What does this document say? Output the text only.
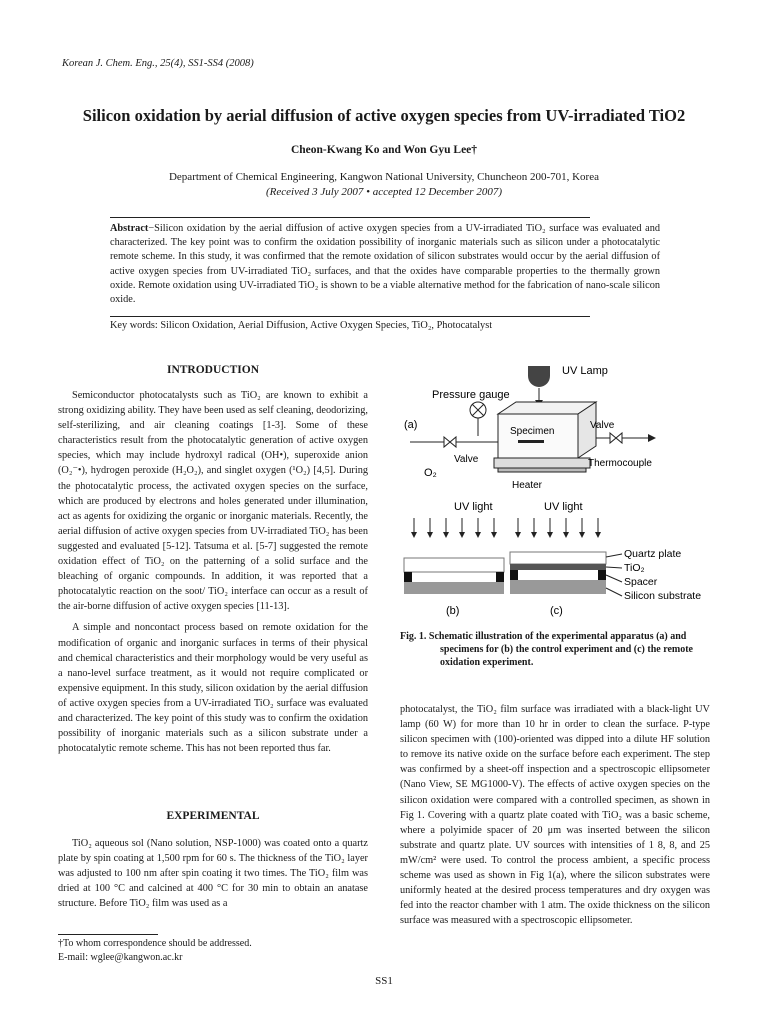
Korean J. Chem. Eng., 25(4), SS1-SS4 (2008)
Silicon oxidation by aerial diffusion of active oxygen species from UV-irradiated TiO2
Cheon-Kwang Ko and Won Gyu Lee†
Department of Chemical Engineering, Kangwon National University, Chuncheon 200-701, Korea
(Received 3 July 2007 • accepted 12 December 2007)
Abstract−Silicon oxidation by the aerial diffusion of active oxygen species from a UV-irradiated TiO₂ surface was evaluated and characterized. The key point was to confirm the oxidation possibility of inorganic materials such as silicon under a photocatalytic remote scheme. In this study, it was confirmed that the remote oxidation of silicon substrates would occur by the aerial diffusion of active oxygen species from UV-irradiated TiO₂ surfaces, and that the oxides have comparable properties to the thermally grown oxide. Remote oxidation using UV-irradiated TiO₂ is shown to be a viable alternative method for the fabrication of nano-scale silicon oxide.
Key words: Silicon Oxidation, Aerial Diffusion, Active Oxygen Species, TiO₂, Photocatalyst
INTRODUCTION

Semiconductor photocatalysts such as TiO₂ are known to exhibit a strong oxidizing ability. They have been used as self cleaning, deodorizing, self-sterilizing, and air cleaning coatings [1-3]. Some of these characteristics result from the photocatalytic generation of active oxygen species, which may include hydroxyl radical (OH•), superoxide anion (O₂⁻•), hydrogen peroxide (H₂O₂), and singlet oxygen (¹O₂) [4,5]. During the photocatalytic process, the activated oxygen species on the surface, which are produced by electrons and holes generated under illumination, act as agents for oxidizing the organic or inorganic materials. Recently, the aerial diffusion of active oxygen species from UV-irradiated TiO₂ has been suggested and evaluated [5-12]. Tatsuma et al. [5-7] suggested the remote oxidation effect of TiO₂ on the patterning of a solid surface and the bleaching of organic compounds. In addition, it was reported that a photocatalytic reaction on the soot/ TiO₂ interface can occur as a result of the air-borne diffusion of active oxygen species [11-13].

A simple and noncontact process based on remote oxidation for the modification of organic and inorganic surfaces in terms of their physical and chemical characteristics and their morphology would be very useful as a nano-level surface treatment, as it would not require complicated or expensive equipment. In this study, silicon oxidation by the aerial diffusion of active oxygen species from a UV-irradiated TiO₂ surface was evaluated and characterized. The key point of this study was to confirm the oxidation possibility of inorganic materials such as a silicon substrate under a photocatalytic remote scheme. This has not been reported thus far.

EXPERIMENTAL

TiO₂ aqueous sol (Nano solution, NSP-1000) was coated onto a quartz plate by spin coating at 1,500 rpm for 60 s. The thickness of the TiO₂ layer was adjusted to 100 nm after spin coating it two times. The TiO₂ film was dried at 100 °C and calcined at 400 °C for 30 min to obtain an anatase structure. Before TiO₂ film was used as a

UV Lamp
Pressure gauge
(a)
Specimen
Valve
O₂
Valve
Thermocouple
Heater
UV light
(b)
UV light
(c)
Quartz plate
TiO₂
Spacer
Silicon substrate
Fig. 1. Schematic illustration of the experimental apparatus (a) and
specimens for (b) the control experiment and (c) the remote oxidation experiment.

photocatalyst, the TiO₂ film surface was irradiated with a black-light UV lamp (60 W) for more than 10 hr in order to clean the surface. P-type silicon specimen with (100)-oriented was dipped into a dilute HF solution to remove its native oxide on the surface before each experiment. The step was confirmed by a sheet-off inspection and a spectroscopic ellipsometer (Nano View, SE MG1000-V). The effects of active oxygen species on the silicon oxidation were compared with a controlled specimen, as shown in Fig 1. Covering with a quartz plate coated with TiO₂ was a basic scheme, where a polyimide spacer of 20 μm was inserted between the silicon substrate and quartz plate. UV sources with intensities of 1 8, 8, and 25 mW/cm² were used. To control the process ambient, a specific process scheme was used as shown in Fig 1(a), where the silicon substrates were uniformly heated at the desired process temperatures and dry oxygen was fed into the reactor chamber with 1 atm. The oxide thickness on the silicon surface was measured with a spectroscopic ellipsometer.

†To whom correspondence should be addressed.
E-mail: wglee@kangwon.ac.kr
SS1
